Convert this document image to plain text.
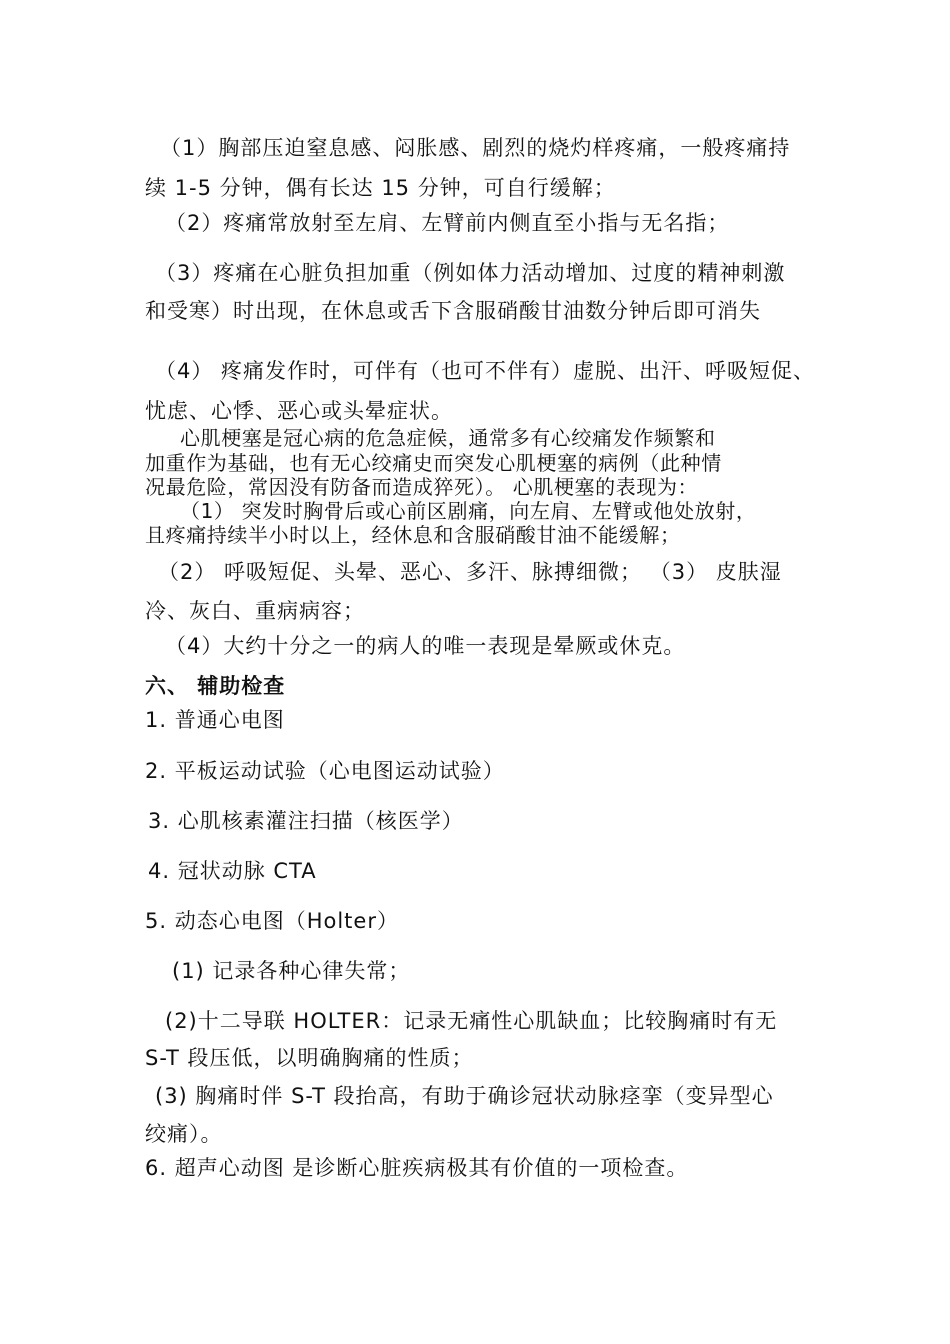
（1）胸部压迫窒息感、闷胀感、剧烈的烧灼样疼痛，一般疼痛持
续 1-5 分钟，偶有长达 15 分钟，可自行缓解；
（2）疼痛常放射至左肩、左臂前内侧直至小指与无名指；
（3）疼痛在心脏负担加重（例如体力活动增加、过度的精神刺激
和受寒）时出现，在休息或舌下含服硝酸甘油数分钟后即可消失
（4） 疼痛发作时，可伴有（也可不伴有）虚脱、出汗、呼吸短促、
忧虑、心悸、恶心或头晕症状。
心肌梗塞是冠心病的危急症候，通常多有心绞痛发作频繁和
加重作为基础，也有无心绞痛史而突发心肌梗塞的病例（此种情
况最危险，常因没有防备而造成猝死）。 心肌梗塞的表现为：
（1） 突发时胸骨后或心前区剧痛，向左肩、左臂或他处放射，
且疼痛持续半小时以上，经休息和含服硝酸甘油不能缓解；
（2） 呼吸短促、头晕、恶心、多汗、脉搏细微； （3） 皮肤湿
冷、灰白、重病病容；
（4）大约十分之一的病人的唯一表现是晕厥或休克。
六、 辅助检查
1. 普通心电图
2. 平板运动试验（心电图运动试验）
3. 心肌核素灌注扫描（核医学）
4. 冠状动脉 CTA
5. 动态心电图（Holter）
(1) 记录各种心律失常；
(2)十二导联 HOLTER：记录无痛性心肌缺血；比较胸痛时有无
S-T 段压低，以明确胸痛的性质；
(3) 胸痛时伴 S-T 段抬高，有助于确诊冠状动脉痉挛（变异型心
绞痛）。
6. 超声心动图 是诊断心脏疾病极其有价值的一项检查。
